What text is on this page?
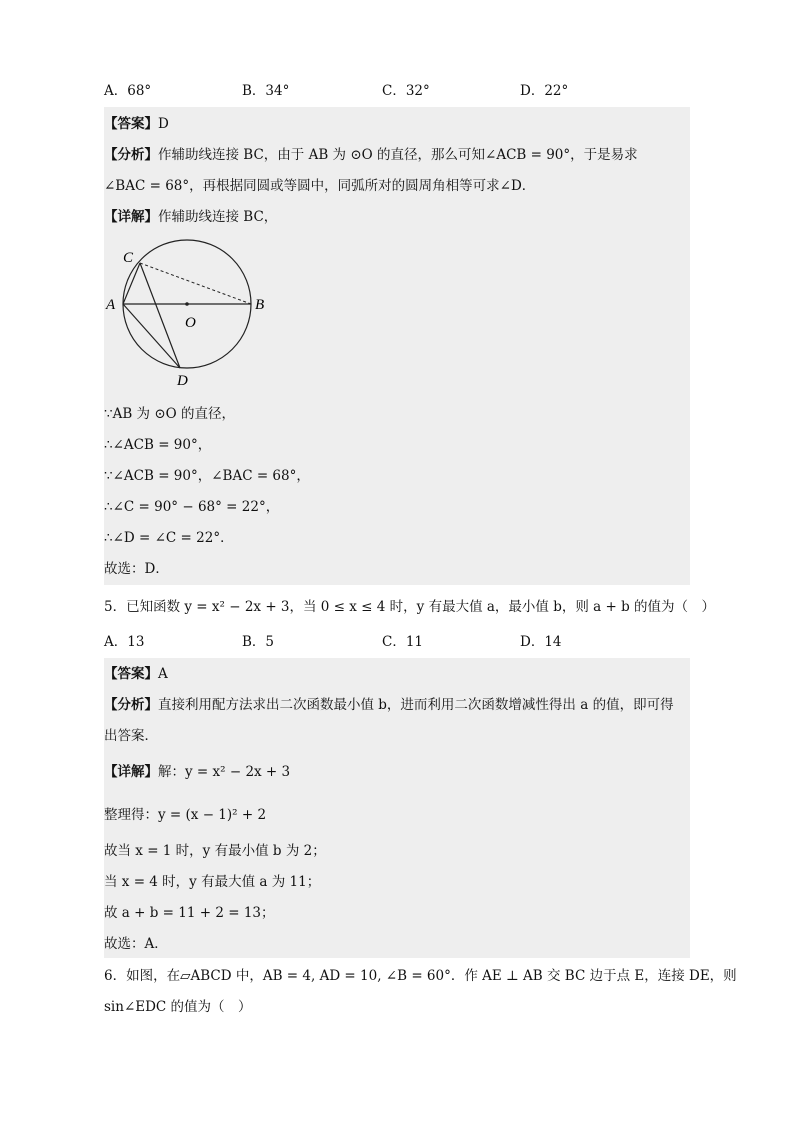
A．68°	B．34°	C．32°	D．22°
【答案】D
【分析】作辅助线连接 BC，由于 AB 为 ⊙O 的直径，那么可知∠ACB = 90°，于是易求
∠BAC = 68°，再根据同圆或等圆中，同弧所对的圆周角相等可求∠D．
【详解】作辅助线连接 BC，
C
A	B
O
D
∵AB 为 ⊙O 的直径，
∴∠ACB = 90°，
∵∠ACB = 90°，∠BAC = 68°，
∴∠C = 90° − 68° = 22°，
∴∠D = ∠C = 22°．
故选：D．
5．已知函数 y = x² − 2x + 3，当 0 ≤ x ≤ 4 时，y 有最大值 a，最小值 b，则 a + b 的值为（　）
A．13	B．5	C．11	D．14
【答案】A
【分析】直接利用配方法求出二次函数最小值 b，进而利用二次函数增减性得出 a 的值，即可得
出答案．
【详解】解：y = x² − 2x + 3
整理得：y = (x − 1)² + 2
故当 x = 1 时，y 有最小值 b 为 2；
当 x = 4 时，y 有最大值 a 为 11；
故 a + b = 11 + 2 = 13；
故选：A．
6．如图，在▱ABCD 中，AB = 4, AD = 10, ∠B = 60°．作 AE ⊥ AB 交 BC 边于点 E，连接 DE，则
sin∠EDC 的值为（　）
